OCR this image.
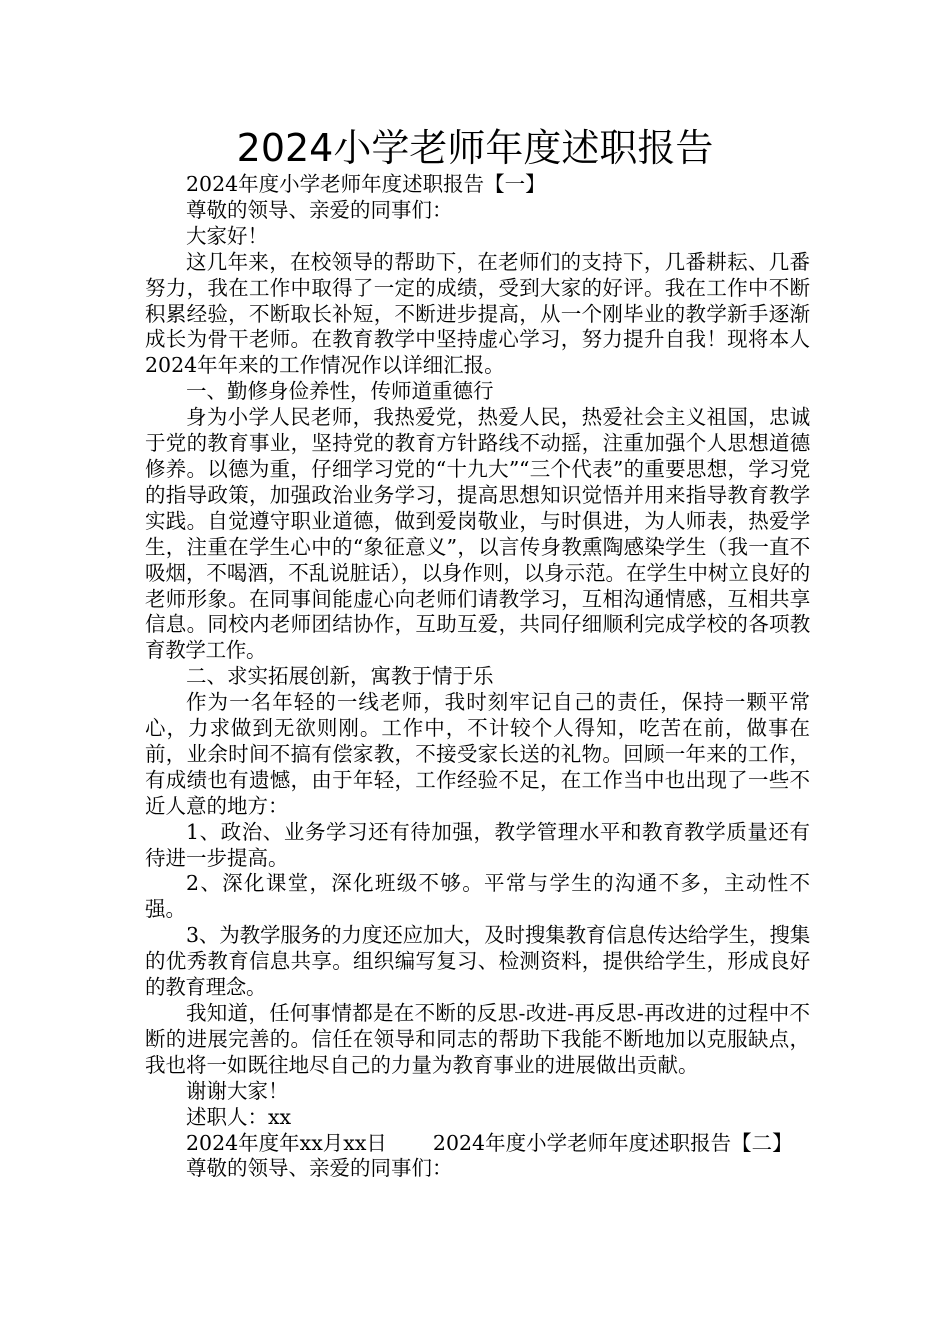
2024小学老师年度述职报告

2024年度小学老师年度述职报告【一】

尊敬的领导、亲爱的同事们：

大家好！

这几年来，在校领导的帮助下，在老师们的支持下，几番耕耘、几番努力，我在工作中取得了一定的成绩，受到大家的好评。我在工作中不断积累经验，不断取长补短，不断进步提高，从一个刚毕业的教学新手逐渐成长为骨干老师。在教育教学中坚持虚心学习，努力提升自我！现将本人2024年年来的工作情况作以详细汇报。

一、勤修身俭养性，传师道重德行

身为小学人民老师，我热爱党，热爱人民，热爱社会主义祖国，忠诚于党的教育事业，坚持党的教育方针路线不动摇，注重加强个人思想道德修养。以德为重，仔细学习党的“十九大”“三个代表”的重要思想，学习党的指导政策，加强政治业务学习，提高思想知识觉悟并用来指导教育教学实践。自觉遵守职业道德，做到爱岗敬业，与时俱进，为人师表，热爱学生，注重在学生心中的“象征意义”，以言传身教熏陶感染学生（我一直不吸烟，不喝酒，不乱说脏话），以身作则，以身示范。在学生中树立良好的老师形象。在同事间能虚心向老师们请教学习，互相沟通情感，互相共享信息。同校内老师团结协作，互助互爱，共同仔细顺利完成学校的各项教育教学工作。

二、求实拓展创新，寓教于情于乐

作为一名年轻的一线老师，我时刻牢记自己的责任，保持一颗平常心，力求做到无欲则刚。工作中，不计较个人得知，吃苦在前，做事在前，业余时间不搞有偿家教，不接受家长送的礼物。回顾一年来的工作，有成绩也有遗憾，由于年轻，工作经验不足，在工作当中也出现了一些不近人意的地方：

1、政治、业务学习还有待加强，教学管理水平和教育教学质量还有待进一步提高。

2、深化课堂，深化班级不够。平常与学生的沟通不多，主动性不强。

3、为教学服务的力度还应加大，及时搜集教育信息传达给学生，搜集的优秀教育信息共享。组织编写复习、检测资料，提供给学生，形成良好的教育理念。

我知道，任何事情都是在不断的反思-改进-再反思-再改进的过程中不断的进展完善的。信任在领导和同志的帮助下我能不断地加以克服缺点，我也将一如既往地尽自己的力量为教育事业的进展做出贡献。

谢谢大家！

述职人：xx

2024年度年xx月xx日 2024年度小学老师年度述职报告【二】

尊敬的领导、亲爱的同事们：
